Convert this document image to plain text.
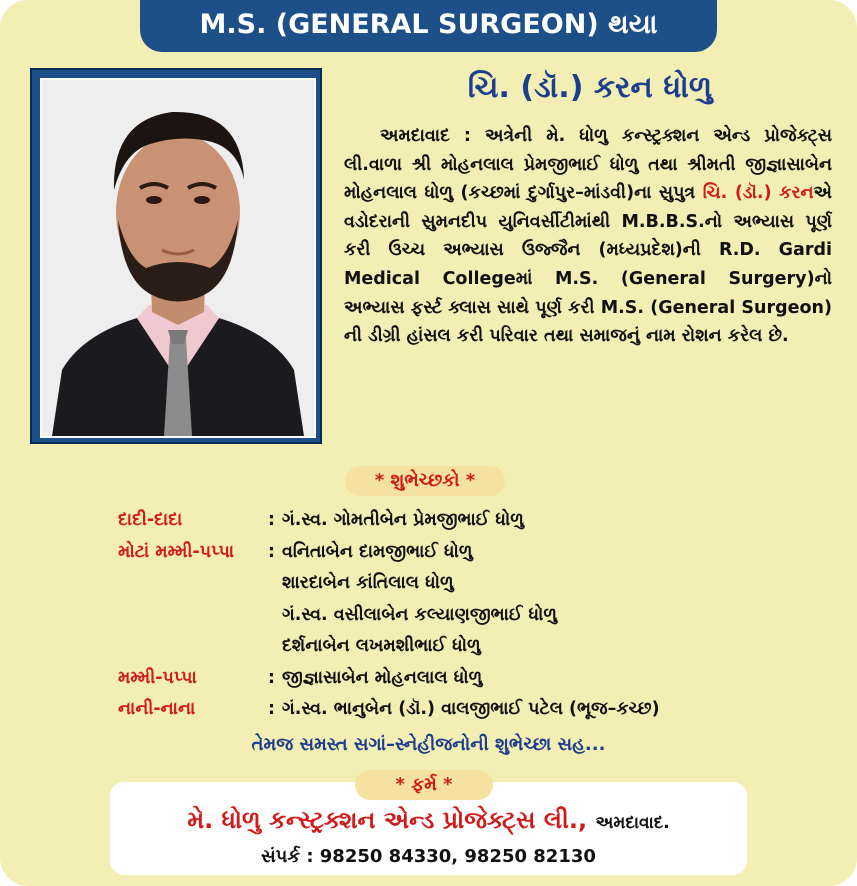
M.S. (GENERAL SURGEON) થયા
ચિ. (ડૉ.) કરન ધોળુ
અમદાવાદ : અત્રેની મે. ધોળુ કન્સ્ટ્રક્શન એન્ડ પ્રોજેક્ટ્સ લી.વાળા શ્રી મોહનલાલ પ્રેમજીભાઈ ધોળુ તથા શ્રીમતી જીજ્ઞાસાબેન મોહનલાલ ધોળુ (કચ્છમાં દુર્ગાપુર–માંડવી)ના સુપુત્ર ચિ. (ડૉ.) કરનએ વડોદરાની સુમનદીપ યુનિવર્સીટીમાંથી M.B.B.S.નો અભ્યાસ પૂર્ણ કરી ઉચ્ચ અભ્યાસ ઉજ્જૈન (મધ્યપ્રદેશ)ની R.D. Gardi Medical Collegeમાં M.S. (General Surgery)નો અભ્યાસ ફર્સ્ટ ક્લાસ સાથે પૂર્ણ કરી M.S. (General Surgeon) ની ડીગ્રી હાંસલ કરી પરિવાર તથા સમાજનું નામ રોશન કરેલ છે.
* શુભેચ્છકો *
દાદી-દાદા	: ગં.સ્વ. ગોમતીબેન પ્રેમજીભાઈ ધોળુ
મોટાં મમ્મી-પપ્પા : વનિતાબેન દામજીભાઈ ધોળુ
શારદાબેન કાંતિલાલ ધોળુ
ગં.સ્વ. વસીલાબેન કલ્યાણજીભાઈ ધોળુ
દર્શનાબેન લખમશીભાઈ ધોળુ
મમ્મી-પપ્પા	: જીજ્ઞાસાબેન મોહનલાલ ધોળુ
નાની-નાના	: ગં.સ્વ. ભાનુબેન (ડૉ.) વાલજીભાઈ પટેલ (ભૂજ–કચ્છ)
તેમજ સમસ્ત સગાં–સ્નેહીજનોની શુભેચ્છા સહ...
* ફર્મ *
મે. ધોળુ કન્સ્ટ્રક્શન એન્ડ પ્રોજેક્ટ્સ લી., અમદાવાદ.
સંપર્ક : 98250 84330, 98250 82130
